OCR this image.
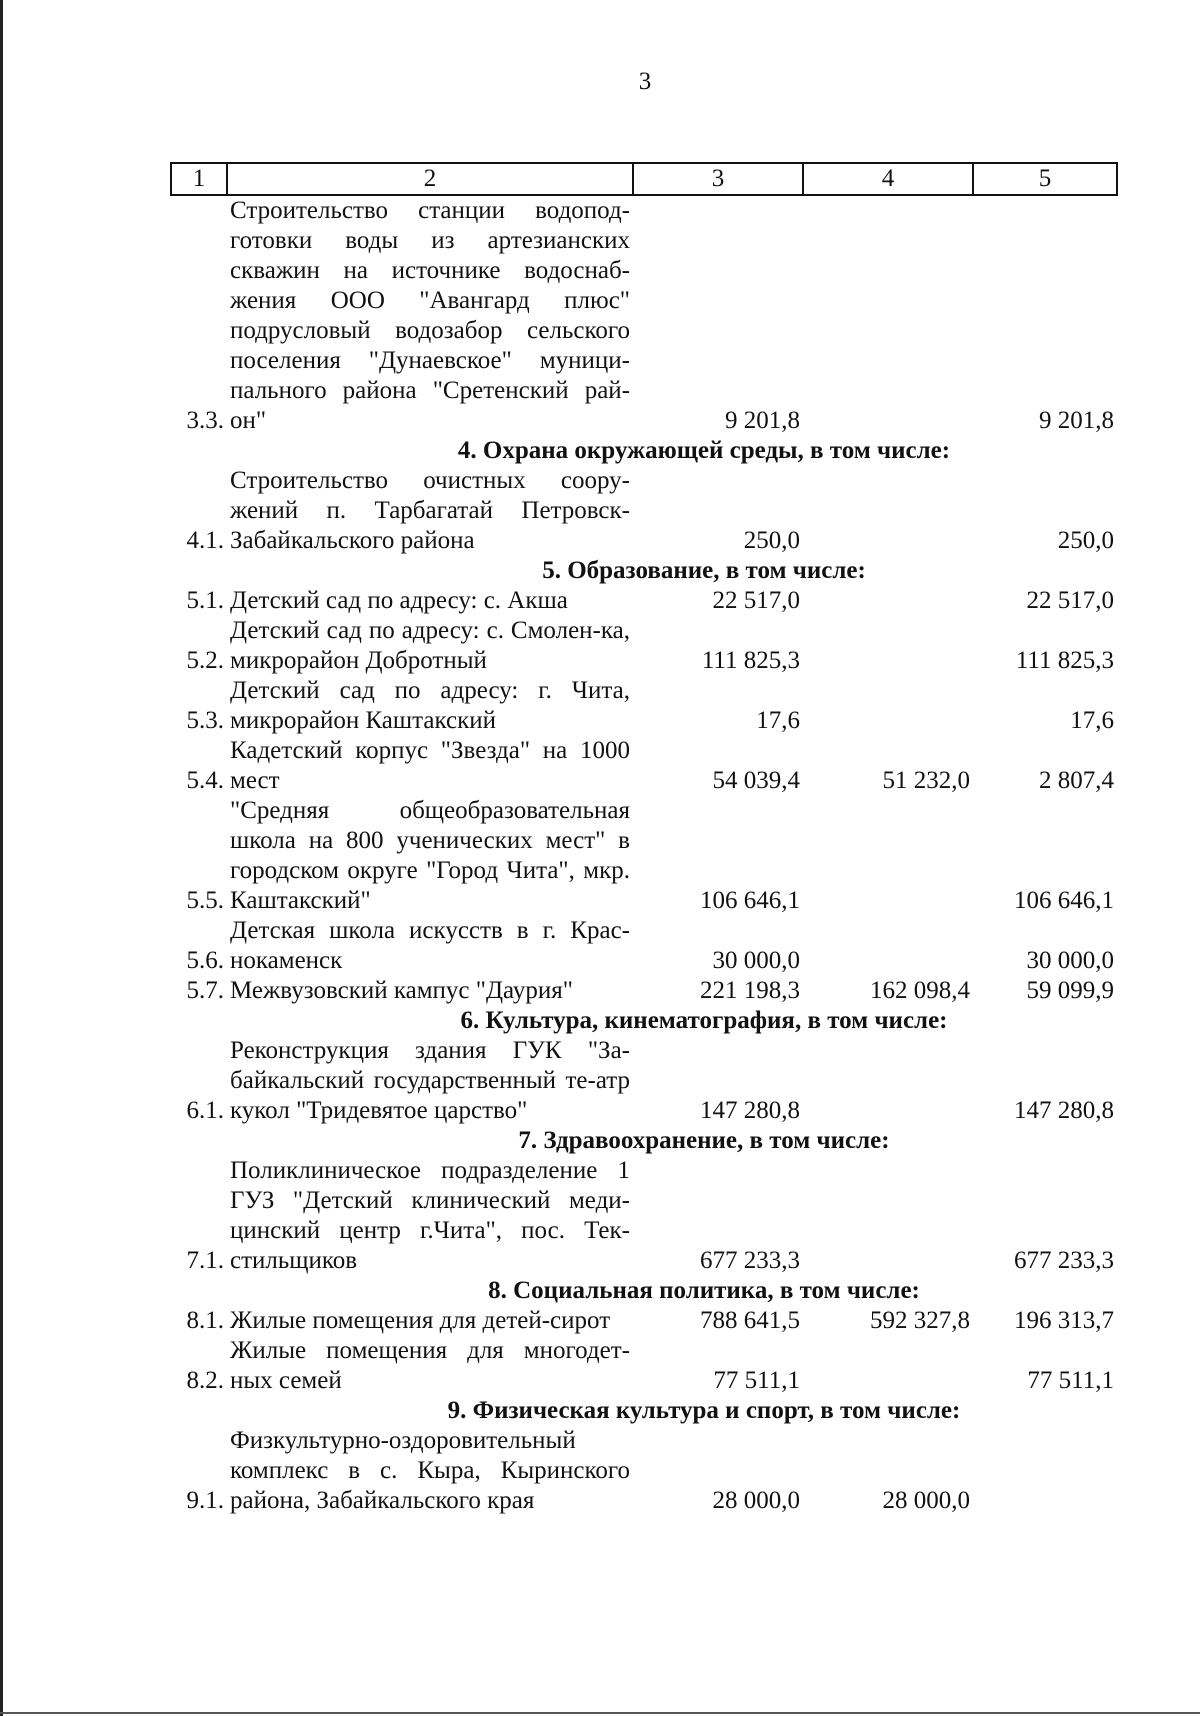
3
1	2	3	4	5
3.3.	Строительство станции водопод-готовки воды из артезианских скважин на источнике водоснаб-жения ООО "Авангард плюс" подрусловый водозабор сельского поселения "Дунаевское" муници-пального района "Сретенский рай-он"	9 201,8		9 201,8
4. Охрана окружающей среды, в том числе:				
4.1.	Строительство очистных соору-жений п. Тарбагатай Петровск-Забайкальского района	250,0		250,0
5. Образование, в том числе:				
5.1.	Детский сад по адресу: с. Акша	22 517,0		22 517,0
5.2.	Детский сад по адресу: с. Смолен-ка, микрорайон Добротный	111 825,3		111 825,3
5.3.	Детский сад по адресу: г. Чита, микрорайон Каштакский	17,6		17,6
5.4.	Кадетский корпус "Звезда" на 1000 мест	54 039,4	51 232,0	2 807,4
5.5.	"Средняя общеобразовательная школа на 800 ученических мест" в городском округе "Город Чита", мкр. Каштакский"	106 646,1		106 646,1
5.6.	Детская школа искусств в г. Крас-нокаменск	30 000,0		30 000,0
5.7.	Межвузовский кампус "Даурия"	221 198,3	162 098,4	59 099,9
6. Культура, кинематография, в том числе:				
6.1.	Реконструкция здания ГУК "За-байкальский государственный те-атр кукол "Тридевятое царство"	147 280,8		147 280,8
7. Здравоохранение, в том числе:				
7.1.	Поликлиническое подразделение 1 ГУЗ "Детский клинический меди-цинский центр г.Чита", пос. Тек-стильщиков	677 233,3		677 233,3
8. Социальная политика, в том числе:				
8.1.	Жилые помещения для детей-сирот	788 641,5	592 327,8	196 313,7
8.2.	Жилые помещения для многодет-ных семей	77 511,1		77 511,1
9. Физическая культура и спорт, в том числе:				
9.1.	Физкультурно-оздоровительный комплекс в с. Кыра, Кыринского района, Забайкальского края	28 000,0	28 000,0	
